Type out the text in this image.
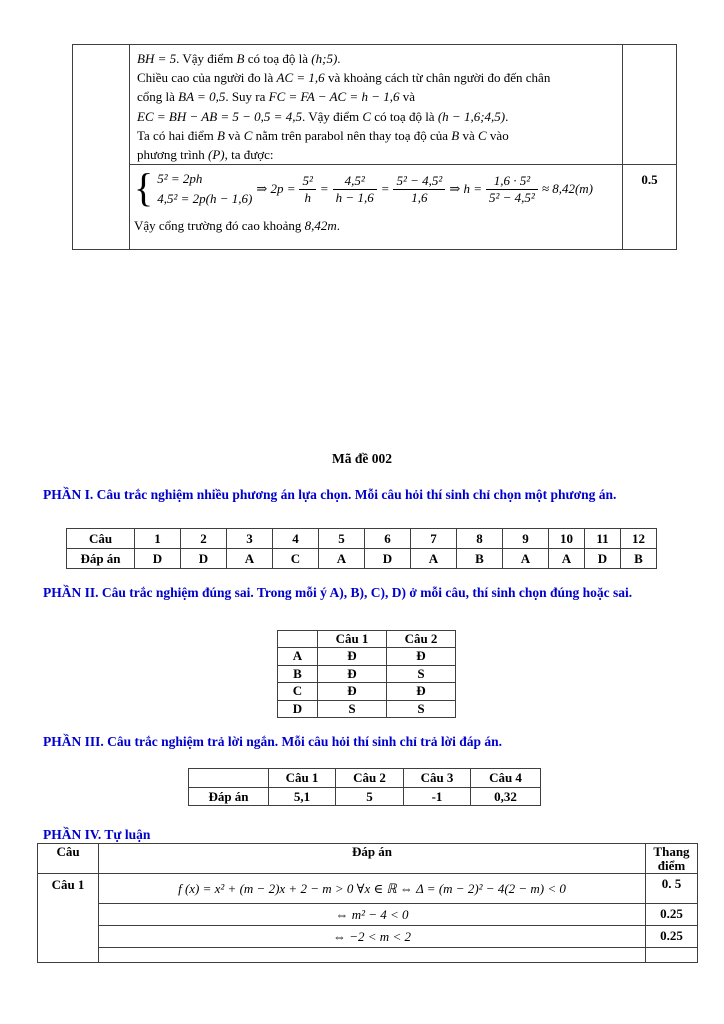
BH = 5. Vậy điểm B có toạ độ là (h;5).
Chiều cao của người đo là AC = 1,6 và khoảng cách từ chân người đo đến chân
cổng là BA = 0,5. Suy ra FC = FA − AC = h − 1,6 và
EC = BH − AB = 5 − 0,5 = 4,5. Vậy điểm C có toạ độ là (h − 1,6;4,5).
Ta có hai điểm B và C nằm trên parabol nên thay toạ độ của B và C vào
phương trình (P), ta được:

{ 5² = 2ph
4,5² = 2p(h − 1,6)
⇒ $2p = \frac{\text{5²}}{h} = \frac{\text{4,5²}}{h - 1,6} = \frac{\text{5² − 4,5²}}{1,6}$ ⇒ $h = \frac{\text{1,6 · 5²}}{\text{5² − 4,5²}} \approx 8,42(m)$
Vậy cổng trường đó cao khoảng 8,42m.
	0.5
Mã đề 002
PHẦN I. Câu trắc nghiệm nhiều phương án lựa chọn. Mỗi câu hỏi thí sinh chỉ chọn một phương án.
Câu	1	2	3	4	5	6	7	8	9	10	11	12
Đáp án	D	D	A	C	A	D	A	B	A	A	D	B
PHẦN II. Câu trắc nghiệm đúng sai. Trong mỗi ý A), B), C), D) ở mỗi câu, thí sinh chọn đúng hoặc sai.
	Câu 1	Câu 2
A	Đ	Đ
B	Đ	S
C	Đ	Đ
D	S	S
PHẦN III. Câu trắc nghiệm trả lời ngắn. Mỗi câu hỏi thí sinh chỉ trả lời đáp án.
	Câu 1	Câu 2	Câu 3	Câu 4
Đáp án	5,1	5	-1	0,32
PHẦN IV. Tự luận
Câu	Đáp án	Thang điểm
Câu 1	f (x) = x² + (m − 2)x + 2 − m > 0 ∀x ∈ ℝ ⇔ Δ = (m − 2)² − 4(2 − m) < 0	0. 5
	⇔ m² − 4 < 0	0.25
	⇔ −2 < m < 2	0.25
